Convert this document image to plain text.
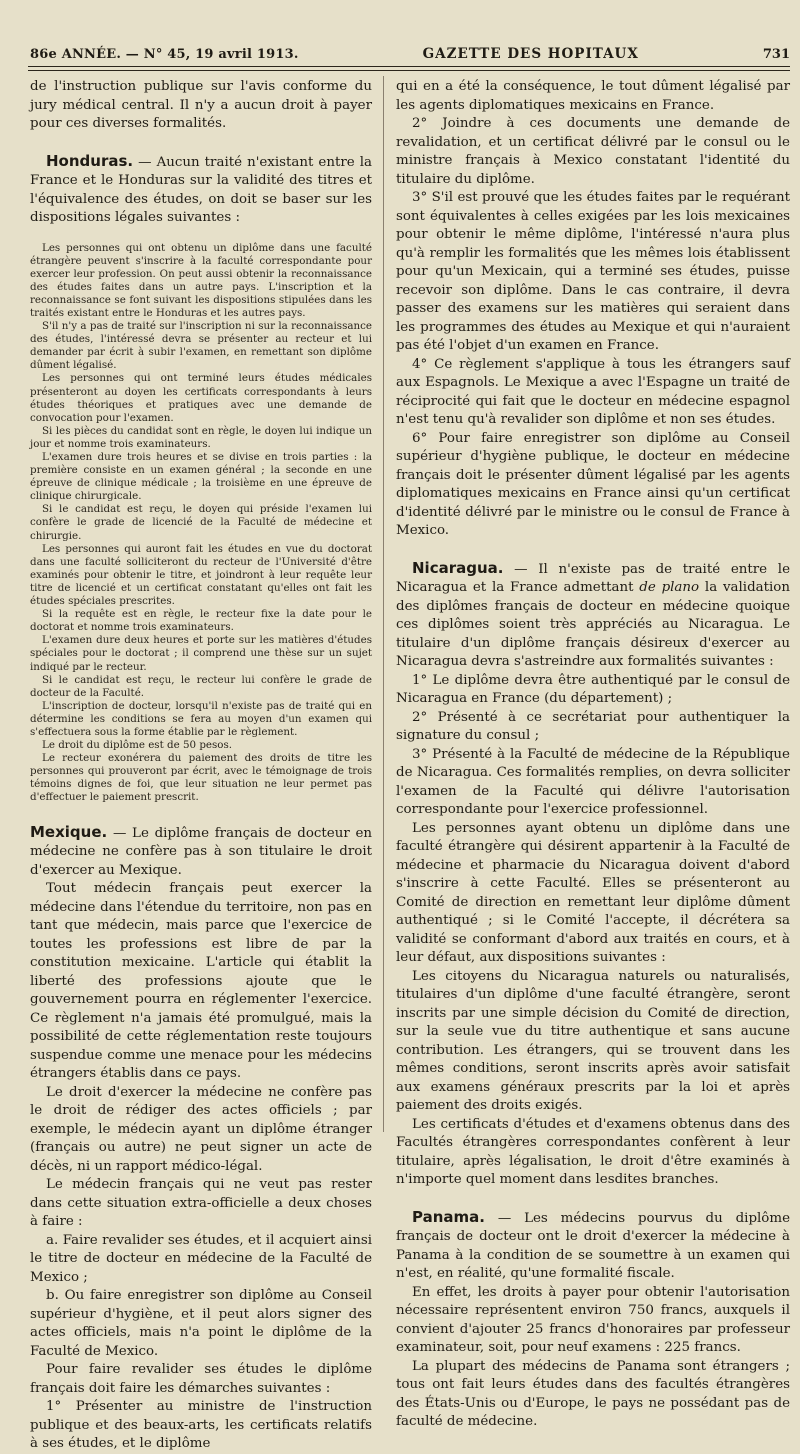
86e ANNÉE. — N° 45, 19 avril 1913.	GAZETTE DES HOPITAUX	731

de l'instruction publique sur l'avis conforme du jury médical central. Il n'y a aucun droit à payer pour ces diverses formalités.

Honduras. — Aucun traité n'existant entre la France et le Honduras sur la validité des titres et l'équivalence des études, on doit se baser sur les dispositions légales suivantes :

Les personnes qui ont obtenu un diplôme dans une faculté étrangère peuvent s'inscrire à la faculté correspondante pour exercer leur profession. On peut aussi obtenir la reconnaissance des études faites dans un autre pays. L'inscription et la reconnaissance se font suivant les dispositions stipulées dans les traités existant entre le Honduras et les autres pays.

S'il n'y a pas de traité sur l'inscription ni sur la reconnaissance des études, l'intéressé devra se présenter au recteur et lui demander par écrit à subir l'examen, en remettant son diplôme dûment légalisé.

Les personnes qui ont terminé leurs études médicales présenteront au doyen les certificats correspondants à leurs études théoriques et pratiques avec une demande de convocation pour l'examen.

Si les pièces du candidat sont en règle, le doyen lui indique un jour et nomme trois examinateurs.

L'examen dure trois heures et se divise en trois parties : la première consiste en un examen général ; la seconde en une épreuve de clinique médicale ; la troisième en une épreuve de clinique chirurgicale.

Si le candidat est reçu, le doyen qui préside l'examen lui confère le grade de licencié de la Faculté de médecine et chirurgie.

Les personnes qui auront fait les études en vue du doctorat dans une faculté solliciteront du recteur de l'Université d'être examinés pour obtenir le titre, et joindront à leur requête leur titre de licencié et un certificat constatant qu'elles ont fait les études spéciales prescrites.

Si la requête est en règle, le recteur fixe la date pour le doctorat et nomme trois examinateurs.

L'examen dure deux heures et porte sur les matières d'études spéciales pour le doctorat ; il comprend une thèse sur un sujet indiqué par le recteur.

Si le candidat est reçu, le recteur lui confère le grade de docteur de la Faculté.

L'inscription de docteur, lorsqu'il n'existe pas de traité qui en détermine les conditions se fera au moyen d'un examen qui s'effectuera sous la forme établie par le règlement.

Le droit du diplôme est de 50 pesos.

Le recteur exonérera du paiement des droits de titre les personnes qui prouveront par écrit, avec le témoignage de trois témoins dignes de foi, que leur situation ne leur permet pas d'effectuer le paiement prescrit.

Mexique. — Le diplôme français de docteur en médecine ne confère pas à son titulaire le droit d'exercer au Mexique.

Tout médecin français peut exercer la médecine dans l'étendue du territoire, non pas en tant que médecin, mais parce que l'exercice de toutes les professions est libre de par la constitution mexicaine. L'article qui établit la liberté des professions ajoute que le gouvernement pourra en réglementer l'exercice. Ce règlement n'a jamais été promulgué, mais la possibilité de cette réglementation reste toujours suspendue comme une menace pour les médecins étrangers établis dans ce pays.

Le droit d'exercer la médecine ne confère pas le droit de rédiger des actes officiels ; par exemple, le médecin ayant un diplôme étranger (français ou autre) ne peut signer un acte de décès, ni un rapport médico-légal.

Le médecin français qui ne veut pas rester dans cette situation extra-officielle a deux choses à faire :

a. Faire revalider ses études, et il acquiert ainsi le titre de docteur en médecine de la Faculté de Mexico ;

b. Ou faire enregistrer son diplôme au Conseil supérieur d'hygiène, et il peut alors signer des actes officiels, mais n'a point le diplôme de la Faculté de Mexico.

Pour faire revalider ses études le diplôme français doit faire les démarches suivantes :

1° Présenter au ministre de l'instruction publique et des beaux-arts, les certificats relatifs à ses études, et le diplôme

qui en a été la conséquence, le tout dûment légalisé par les agents diplomatiques mexicains en France.

2° Joindre à ces documents une demande de revalidation, et un certificat délivré par le consul ou le ministre français à Mexico constatant l'identité du titulaire du diplôme.

3° S'il est prouvé que les études faites par le requérant sont équivalentes à celles exigées par les lois mexicaines pour obtenir le même diplôme, l'intéressé n'aura plus qu'à remplir les formalités que les mêmes lois établissent pour qu'un Mexicain, qui a terminé ses études, puisse recevoir son diplôme. Dans le cas contraire, il devra passer des examens sur les matières qui seraient dans les programmes des études au Mexique et qui n'auraient pas été l'objet d'un examen en France.

4° Ce règlement s'applique à tous les étrangers sauf aux Espagnols. Le Mexique a avec l'Espagne un traité de réciprocité qui fait que le docteur en médecine espagnol n'est tenu qu'à revalider son diplôme et non ses études.

6° Pour faire enregistrer son diplôme au Conseil supérieur d'hygiène publique, le docteur en médecine français doit le présenter dûment légalisé par les agents diplomatiques mexicains en France ainsi qu'un certificat d'identité délivré par le ministre ou le consul de France à Mexico.

Nicaragua. — Il n'existe pas de traité entre le Nicaragua et la France admettant de plano la validation des diplômes français de docteur en médecine quoique ces diplômes soient très appréciés au Nicaragua. Le titulaire d'un diplôme français désireux d'exercer au Nicaragua devra s'astreindre aux formalités suivantes :

1° Le diplôme devra être authentiqué par le consul de Nicaragua en France (du département) ;

2° Présenté à ce secrétariat pour authentiquer la signature du consul ;

3° Présenté à la Faculté de médecine de la République de Nicaragua. Ces formalités remplies, on devra solliciter l'examen de la Faculté qui délivre l'autorisation correspondante pour l'exercice professionnel.

Les personnes ayant obtenu un diplôme dans une faculté étrangère qui désirent appartenir à la Faculté de médecine et pharmacie du Nicaragua doivent d'abord s'inscrire à cette Faculté. Elles se présenteront au Comité de direction en remettant leur diplôme dûment authentiqué ; si le Comité l'accepte, il décrétera sa validité se conformant d'abord aux traités en cours, et à leur défaut, aux dispositions suivantes :

Les citoyens du Nicaragua naturels ou naturalisés, titulaires d'un diplôme d'une faculté étrangère, seront inscrits par une simple décision du Comité de direction, sur la seule vue du titre authentique et sans aucune contribution. Les étrangers, qui se trouvent dans les mêmes conditions, seront inscrits après avoir satisfait aux examens généraux prescrits par la loi et après paiement des droits exigés.

Les certificats d'études et d'examens obtenus dans des Facultés étrangères correspondantes confèrent à leur titulaire, après légalisation, le droit d'être examinés à n'importe quel moment dans lesdites branches.

Panama. — Les médecins pourvus du diplôme français de docteur ont le droit d'exercer la médecine à Panama à la condition de se soumettre à un examen qui n'est, en réalité, qu'une formalité fiscale.

En effet, les droits à payer pour obtenir l'autorisation nécessaire représentent environ 750 francs, auxquels il convient d'ajouter 25 francs d'honoraires par professeur examinateur, soit, pour neuf examens : 225 francs.

La plupart des médecins de Panama sont étrangers ; tous ont fait leurs études dans des facultés étrangères des États-Unis ou d'Europe, le pays ne possédant pas de faculté de médecine.
